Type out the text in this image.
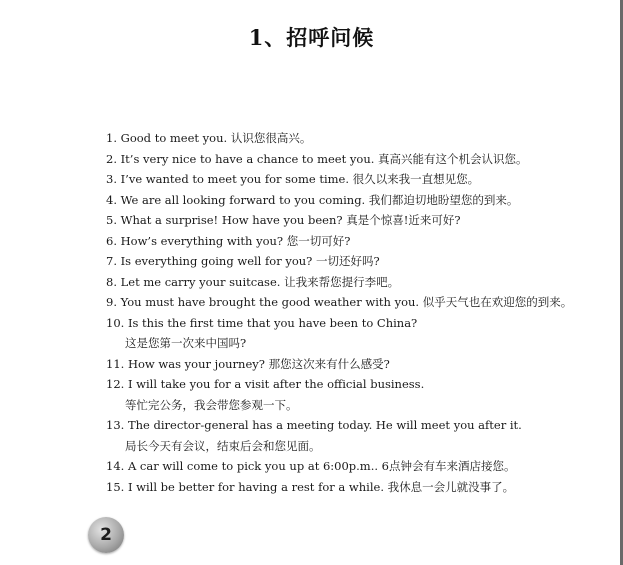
1、招呼问候
1. Good to meet you. 认识您很高兴。
2. It’s very nice to have a chance to meet you. 真高兴能有这个机会认识您。
3. I’ve wanted to meet you for some time. 很久以来我一直想见您。
4. We are all looking forward to you coming. 我们都迫切地盼望您的到来。
5. What a surprise! How have you been? 真是个惊喜!近来可好?
6. How’s everything with you? 您一切可好?
7. Is everything going well for you? 一切还好吗?
8. Let me carry your suitcase. 让我来帮您提行李吧。
9. You must have brought the good weather with you. 似乎天气也在欢迎您的到来。
10. Is this the first time that you have been to China?
这是您第一次来中国吗?
11. How was your journey? 那您这次来有什么感受?
12. I will take you for a visit after the official business.
等忙完公务，我会带您参观一下。
13. The director-general has a meeting today. He will meet you after it.
局长今天有会议，结束后会和您见面。
14. A car will come to pick you up at 6:00p.m.. 6点钟会有车来酒店接您。
15. I will be better for having a rest for a while. 我休息一会儿就没事了。
2
